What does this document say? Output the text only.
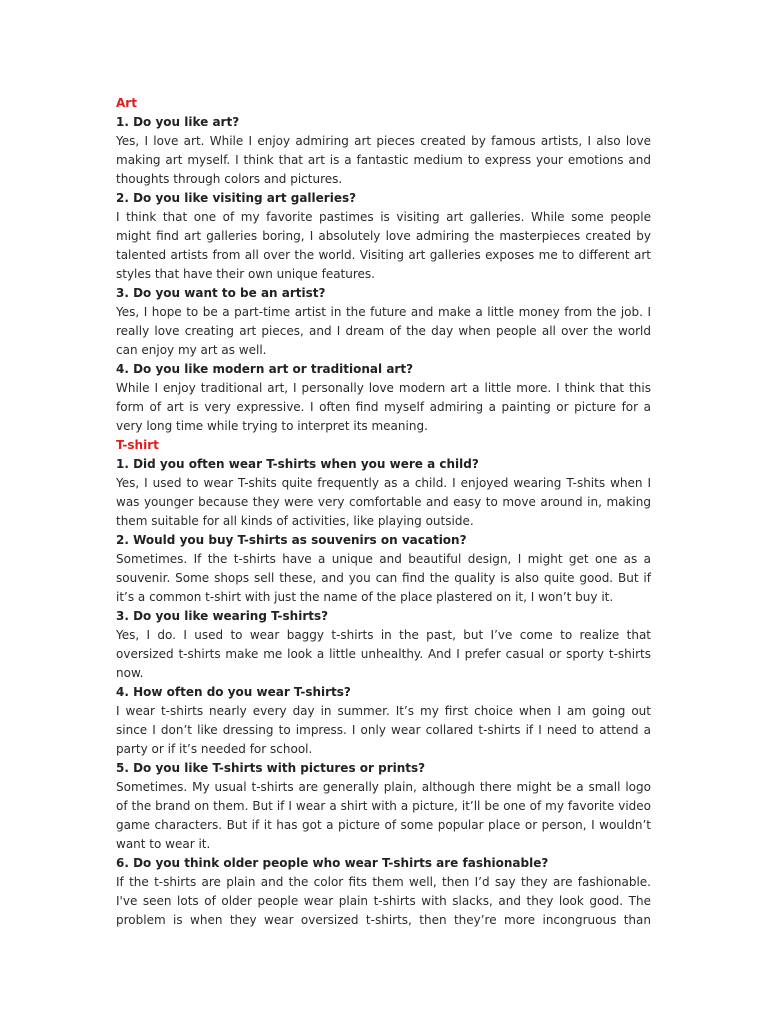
Art

1. Do you like art?

Yes, I love art. While I enjoy admiring art pieces created by famous artists, I also love making art myself. I think that art is a fantastic medium to express your emotions and thoughts through colors and pictures.

2. Do you like visiting art galleries?

I think that one of my favorite pastimes is visiting art galleries. While some people might find art galleries boring, I absolutely love admiring the masterpieces created by talented artists from all over the world. Visiting art galleries exposes me to different art styles that have their own unique features.

3. Do you want to be an artist?

Yes, I hope to be a part-time artist in the future and make a little money from the job. I really love creating art pieces, and I dream of the day when people all over the world can enjoy my art as well.

4. Do you like modern art or traditional art?

While I enjoy traditional art, I personally love modern art a little more. I think that this form of art is very expressive. I often find myself admiring a painting or picture for a very long time while trying to interpret its meaning.

T-shirt

1. Did you often wear T-shirts when you were a child?

Yes, I used to wear T-shits quite frequently as a child. I enjoyed wearing T-shits when I was younger because they were very comfortable and easy to move around in, making them suitable for all kinds of activities, like playing outside.

2. Would you buy T-shirts as souvenirs on vacation?

Sometimes. If the t-shirts have a unique and beautiful design, I might get one as a souvenir. Some shops sell these, and you can find the quality is also quite good. But if it’s a common t-shirt with just the name of the place plastered on it, I won’t buy it.

3. Do you like wearing T-shirts?

Yes, I do. I used to wear baggy t-shirts in the past, but I’ve come to realize that oversized t-shirts make me look a little unhealthy. And I prefer casual or sporty t-shirts now.

4. How often do you wear T-shirts?

I wear t-shirts nearly every day in summer. It’s my first choice when I am going out since I don’t like dressing to impress. I only wear collared t-shirts if I need to attend a party or if it’s needed for school.

5. Do you like T-shirts with pictures or prints?

Sometimes. My usual t-shirts are generally plain, although there might be a small logo of the brand on them. But if I wear a shirt with a picture, it’ll be one of my favorite video game characters. But if it has got a picture of some popular place or person, I wouldn’t want to wear it.

6. Do you think older people who wear T-shirts are fashionable?

If the t-shirts are plain and the color fits them well, then I’d say they are fashionable. I've seen lots of older people wear plain t-shirts with slacks, and they look good. The problem is when they wear oversized t-shirts, then they’re more incongruous than
